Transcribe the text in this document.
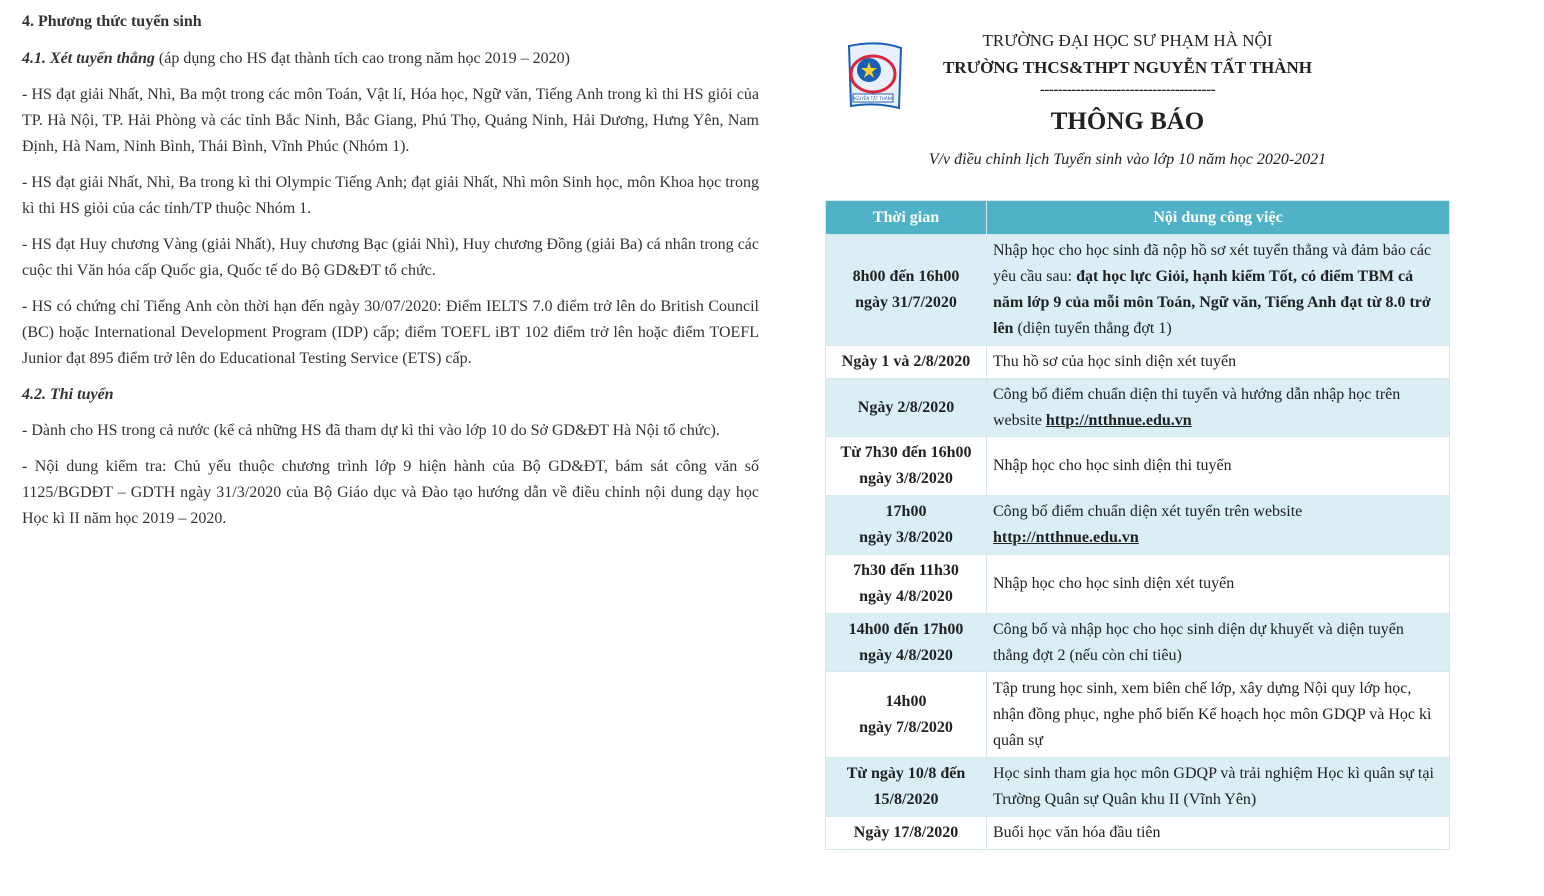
4. Phương thức tuyển sinh

4.1. Xét tuyển thẳng (áp dụng cho HS đạt thành tích cao trong năm học 2019 – 2020)

- HS đạt giải Nhất, Nhì, Ba một trong các môn Toán, Vật lí, Hóa học, Ngữ văn, Tiếng Anh trong kì thi HS giỏi của TP. Hà Nội, TP. Hải Phòng và các tỉnh Bắc Ninh, Bắc Giang, Phú Thọ, Quảng Ninh, Hải Dương, Hưng Yên, Nam Định, Hà Nam, Ninh Bình, Thái Bình, Vĩnh Phúc (Nhóm 1).

- HS đạt giải Nhất, Nhì, Ba trong kì thi Olympic Tiếng Anh; đạt giải Nhất, Nhì môn Sinh học, môn Khoa học trong kì thi HS giỏi của các tỉnh/TP thuộc Nhóm 1.

- HS đạt Huy chương Vàng (giải Nhất), Huy chương Bạc (giải Nhì), Huy chương Đồng (giải Ba) cá nhân trong các cuộc thi Văn hóa cấp Quốc gia, Quốc tế do Bộ GD&ĐT tổ chức.

- HS có chứng chỉ Tiếng Anh còn thời hạn đến ngày 30/07/2020: Điểm IELTS 7.0 điểm trở lên do British Council (BC) hoặc International Development Program (IDP) cấp; điểm TOEFL iBT 102 điểm trở lên hoặc điểm TOEFL Junior đạt 895 điểm trở lên do Educational Testing Service (ETS) cấp.

4.2. Thi tuyển

- Dành cho HS trong cả nước (kể cả những HS đã tham dự kì thi vào lớp 10 do Sở GD&ĐT Hà Nội tổ chức).

- Nội dung kiểm tra: Chủ yếu thuộc chương trình lớp 9 hiện hành của Bộ GD&ĐT, bám sát công văn số 1125/BGDĐT – GDTH ngày 31/3/2020 của Bộ Giáo dục và Đào tạo hướng dẫn về điều chỉnh nội dung dạy học Học kì II năm học 2019 – 2020.

NGUYỄN TẤT THÀNH
TRƯỜNG ĐẠI HỌC SƯ PHẠM HÀ NỘI
TRƯỜNG THCS&THPT NGUYỄN TẤT THÀNH
---------------------------------------
THÔNG BÁO
V/v điều chỉnh lịch Tuyển sinh vào lớp 10 năm học 2020-2021
Thời gian	Nội dung công việc
8h00 đến 16h00
ngày 31/7/2020	Nhập học cho học sinh đã nộp hồ sơ xét tuyển thẳng và đảm bảo các yêu cầu sau: đạt học lực Giỏi, hạnh kiểm Tốt, có điểm TBM cả năm lớp 9 của mỗi môn Toán, Ngữ văn, Tiếng Anh đạt từ 8.0 trở lên (diện tuyển thẳng đợt 1)
Ngày 1 và 2/8/2020	Thu hồ sơ của học sinh diện xét tuyển
Ngày 2/8/2020	Công bố điểm chuẩn diện thi tuyển và hướng dẫn nhập học trên website http://ntthnue.edu.vn
Từ 7h30 đến 16h00
ngày 3/8/2020	Nhập học cho học sinh diện thi tuyển
17h00
ngày 3/8/2020	Công bố điểm chuẩn diện xét tuyển trên website
http://ntthnue.edu.vn
7h30 đến 11h30
ngày 4/8/2020	Nhập học cho học sinh diện xét tuyển
14h00 đến 17h00
ngày 4/8/2020	Công bố và nhập học cho học sinh diện dự khuyết và diện tuyển thẳng đợt 2 (nếu còn chỉ tiêu)
14h00
ngày 7/8/2020	Tập trung học sinh, xem biên chế lớp, xây dựng Nội quy lớp học, nhận đồng phục, nghe phổ biến Kế hoạch học môn GDQP và Học kì quân sự
Từ ngày 10/8 đến
15/8/2020	Học sinh tham gia học môn GDQP và trải nghiệm Học kì quân sự tại Trường Quân sự Quân khu II (Vĩnh Yên)
Ngày 17/8/2020	Buổi học văn hóa đầu tiên
